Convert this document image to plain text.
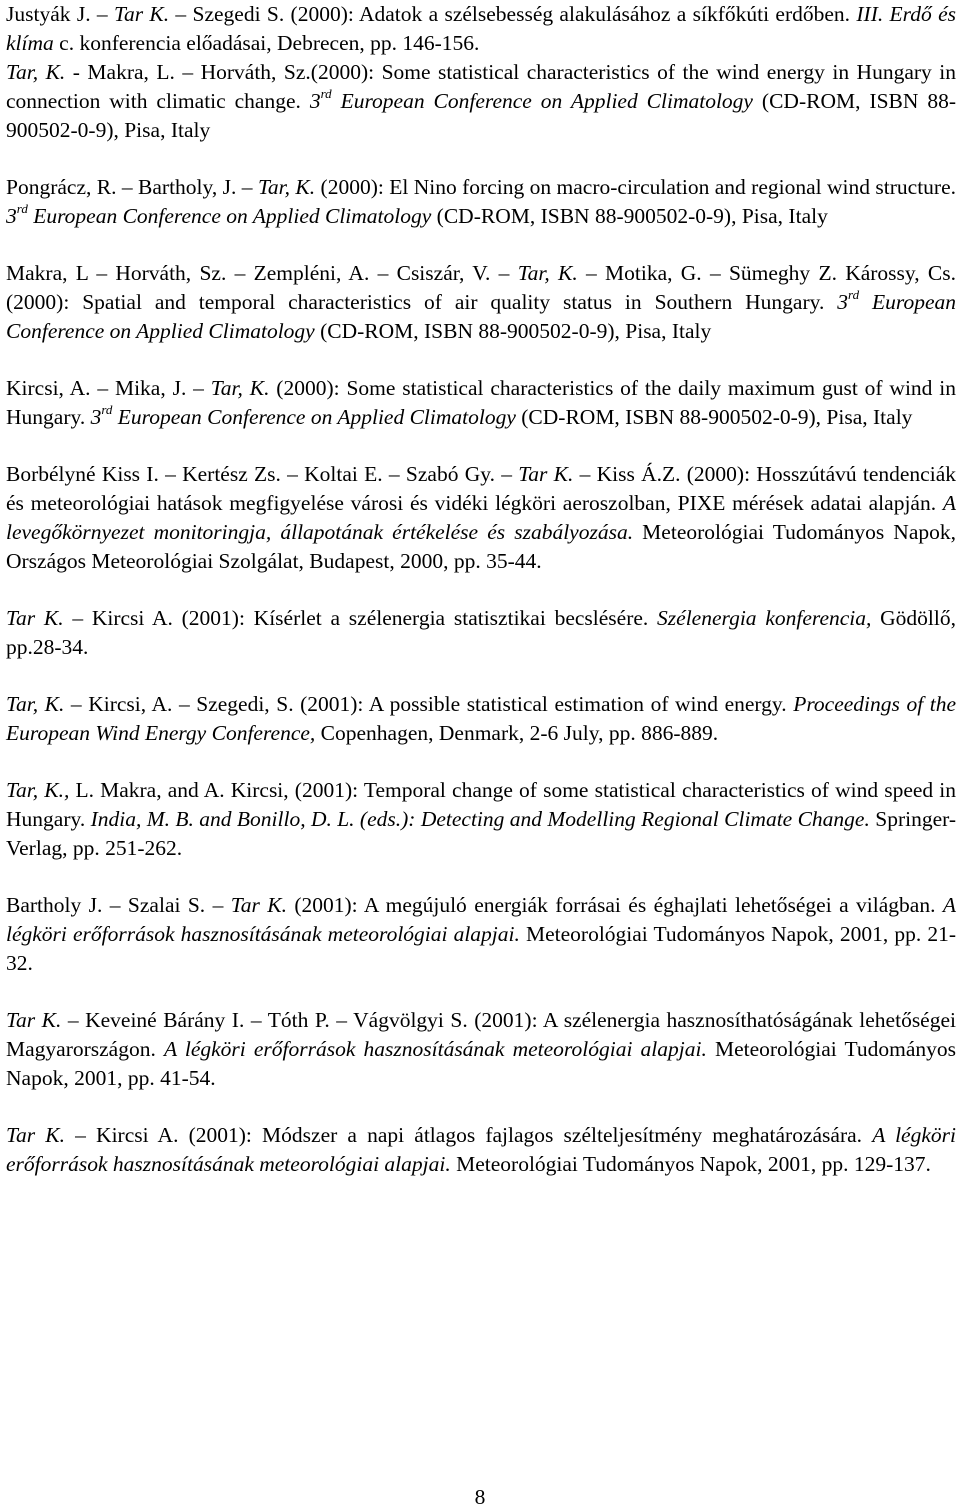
Justyák J. – Tar K. – Szegedi S. (2000): Adatok a szélsebesség alakulásához a síkfőkúti erdőben. III. Erdő és klíma c. konferencia előadásai, Debrecen, pp. 146-156.

Tar, K. - Makra, L. – Horváth, Sz.(2000): Some statistical characteristics of the wind energy in Hungary in connection with climatic change. 3rd European Conference on Applied Climatology (CD-ROM, ISBN 88-900502-0-9), Pisa, Italy

Pongrácz, R. – Bartholy, J. – Tar, K. (2000): El Nino forcing on macro-circulation and regional wind structure. 3rd European Conference on Applied Climatology (CD-ROM, ISBN 88-900502-0-9), Pisa, Italy

Makra, L – Horváth, Sz. – Zempléni, A. – Csiszár, V. – Tar, K. – Motika, G. – Sümeghy Z. Károssy, Cs. (2000): Spatial and temporal characteristics of air quality status in Southern Hungary. 3rd European Conference on Applied Climatology (CD-ROM, ISBN 88-900502-0-9), Pisa, Italy

Kircsi, A. – Mika, J. – Tar, K. (2000): Some statistical characteristics of the daily maximum gust of wind in Hungary. 3rd European Conference on Applied Climatology (CD-ROM, ISBN 88-900502-0-9), Pisa, Italy

Borbélyné Kiss I. – Kertész Zs. – Koltai E. – Szabó Gy. – Tar K. – Kiss Á.Z. (2000): Hosszútávú tendenciák és meteorológiai hatások megfigyelése városi és vidéki légköri aeroszolban, PIXE mérések adatai alapján. A levegőkörnyezet monitoringja, állapotának értékelése és szabályozása. Meteorológiai Tudományos Napok, Országos Meteorológiai Szolgálat, Budapest, 2000, pp. 35-44.

Tar K. – Kircsi A. (2001): Kísérlet a szélenergia statisztikai becslésére. Szélenergia konferencia, Gödöllő, pp.28-34.

Tar, K. – Kircsi, A. – Szegedi, S. (2001): A possible statistical estimation of wind energy. Proceedings of the European Wind Energy Conference, Copenhagen, Denmark, 2-6 July, pp. 886-889.

Tar, K., L. Makra, and A. Kircsi, (2001): Temporal change of some statistical characteristics of wind speed in Hungary. India, M. B. and Bonillo, D. L. (eds.): Detecting and Modelling Regional Climate Change. Springer-Verlag, pp. 251-262.

Bartholy J. – Szalai S. – Tar K. (2001): A megújuló energiák forrásai és éghajlati lehetőségei a világban. A légköri erőforrások hasznosításának meteorológiai alapjai. Meteorológiai Tudományos Napok, 2001, pp. 21-32.

Tar K. – Keveiné Bárány I. – Tóth P. – Vágvölgyi S. (2001): A szélenergia hasznosíthatóságának lehetőségei Magyarországon. A légköri erőforrások hasznosításának meteorológiai alapjai. Meteorológiai Tudományos Napok, 2001, pp. 41-54.

Tar K. – Kircsi A. (2001): Módszer a napi átlagos fajlagos szélteljesítmény meghatározására. A légköri erőforrások hasznosításának meteorológiai alapjai. Meteorológiai Tudományos Napok, 2001, pp. 129-137.

8
